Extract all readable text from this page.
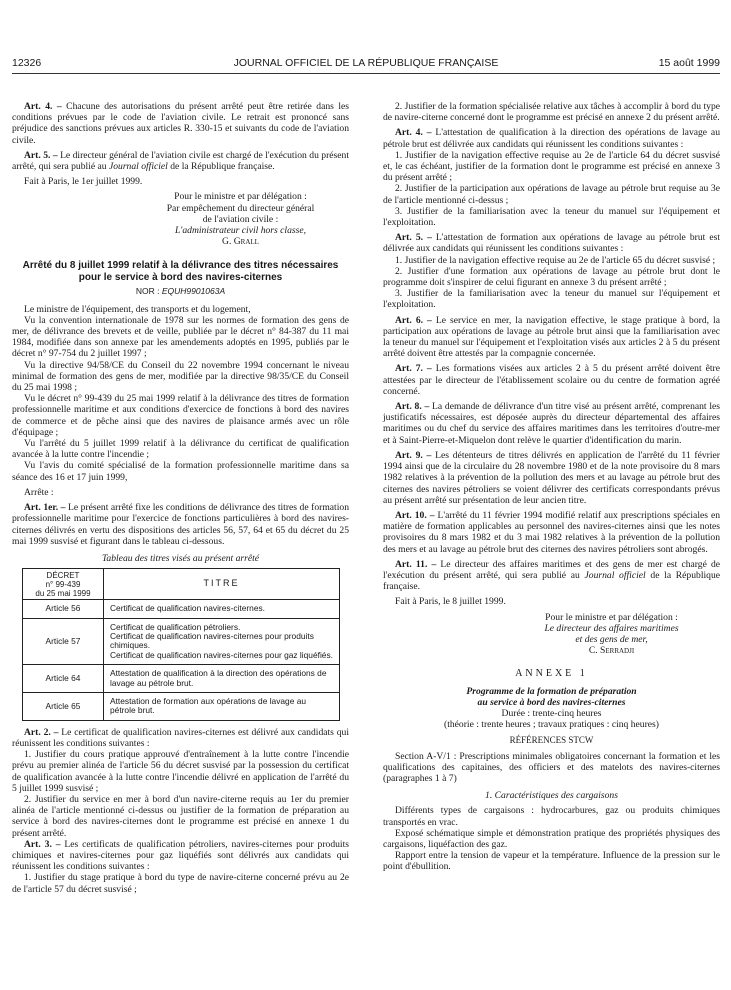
12326	JOURNAL OFFICIEL DE LA RÉPUBLIQUE FRANÇAISE	15 août 1999

Art. 4. – Chacune des autorisations du présent arrêté peut être retirée dans les conditions prévues par le code de l'aviation civile. Le retrait est prononcé sans préjudice des sanctions prévues aux articles R. 330-15 et suivants du code de l'aviation civile.

Art. 5. – Le directeur général de l'aviation civile est chargé de l'exécution du présent arrêté, qui sera publié au Journal officiel de la République française.

Fait à Paris, le 1er juillet 1999.

Pour le ministre et par délégation :
Par empêchement du directeur général
de l'aviation civile :
L'administrateur civil hors classe,
G. Grall
Arrêté du 8 juillet 1999 relatif à la délivrance des titres nécessaires pour le service à bord des navires-citernes
NOR : EQUH9901063A

Le ministre de l'équipement, des transports et du logement,

Vu la convention internationale de 1978 sur les normes de formation des gens de mer, de délivrance des brevets et de veille, publiée par le décret n° 84-387 du 11 mai 1984, modifiée dans son annexe par les amendements adoptés en 1995, publiés par le décret n° 97-754 du 2 juillet 1997 ;

Vu la directive 94/58/CE du Conseil du 22 novembre 1994 concernant le niveau minimal de formation des gens de mer, modifiée par la directive 98/35/CE du Conseil du 25 mai 1998 ;

Vu le décret n° 99-439 du 25 mai 1999 relatif à la délivrance des titres de formation professionnelle maritime et aux conditions d'exercice de fonctions à bord des navires de commerce et de pêche ainsi que des navires de plaisance armés avec un rôle d'équipage ;

Vu l'arrêté du 5 juillet 1999 relatif à la délivrance du certificat de qualification avancée à la lutte contre l'incendie ;

Vu l'avis du comité spécialisé de la formation professionnelle maritime dans sa séance des 16 et 17 juin 1999,

Arrête :

Art. 1er. – Le présent arrêté fixe les conditions de délivrance des titres de formation professionnelle maritime pour l'exercice de fonctions particulières à bord des navires-citernes délivrés en vertu des dispositions des articles 56, 57, 64 et 65 du décret du 25 mai 1999 susvisé et figurant dans le tableau ci-dessous.

Tableau des titres visés au présent arrêté
DÉCRET
n° 99-439
du 25 mai 1999	TITRE
Article 56	Certificat de qualification navires-citernes.

Article 57	Certificat de qualification pétroliers.
Certificat de qualification navires-citernes pour produits chimiques.
Certificat de qualification navires-citernes pour gaz liquéfiés.

Article 64	Attestation de qualification à la direction des opérations de lavage au pétrole brut.

Article 65	Attestation de formation aux opérations de lavage au pétrole brut.

Art. 2. – Le certificat de qualification navires-citernes est délivré aux candidats qui réunissent les conditions suivantes :

1. Justifier du cours pratique approuvé d'entraînement à la lutte contre l'incendie prévu au premier alinéa de l'article 56 du décret susvisé par la possession du certificat de qualification avancée à la lutte contre l'incendie délivré en application de l'arrêté du 5 juillet 1999 susvisé ;

2. Justifier du service en mer à bord d'un navire-citerne requis au 1er du premier alinéa de l'article mentionné ci-dessus ou justifier de la formation de préparation au service à bord des navires-citernes dont le programme est précisé en annexe 1 du présent arrêté.

Art. 3. – Les certificats de qualification pétroliers, navires-citernes pour produits chimiques et navires-citernes pour gaz liquéfiés sont délivrés aux candidats qui réunissent les conditions suivantes :

1. Justifier du stage pratique à bord du type de navire-citerne concerné prévu au 2e de l'article 57 du décret susvisé ;

2. Justifier de la formation spécialisée relative aux tâches à accomplir à bord du type de navire-citerne concerné dont le programme est précisé en annexe 2 du présent arrêté.

Art. 4. – L'attestation de qualification à la direction des opérations de lavage au pétrole brut est délivrée aux candidats qui réunissent les conditions suivantes :

1. Justifier de la navigation effective requise au 2e de l'article 64 du décret susvisé et, le cas échéant, justifier de la formation dont le programme est précisé en annexe 3 du présent arrêté ;

2. Justifier de la participation aux opérations de lavage au pétrole brut requise au 3e de l'article mentionné ci-dessus ;

3. Justifier de la familiarisation avec la teneur du manuel sur l'équipement et l'exploitation.

Art. 5. – L'attestation de formation aux opérations de lavage au pétrole brut est délivrée aux candidats qui réunissent les conditions suivantes :

1. Justifier de la navigation effective requise au 2e de l'article 65 du décret susvisé ;

2. Justifier d'une formation aux opérations de lavage au pétrole brut dont le programme doit s'inspirer de celui figurant en annexe 3 du présent arrêté ;

3. Justifier de la familiarisation avec la teneur du manuel sur l'équipement et l'exploitation.

Art. 6. – Le service en mer, la navigation effective, le stage pratique à bord, la participation aux opérations de lavage au pétrole brut ainsi que la familiarisation avec la teneur du manuel sur l'équipement et l'exploitation visés aux articles 2 à 5 du présent arrêté doivent être attestés par la compagnie concernée.

Art. 7. – Les formations visées aux articles 2 à 5 du présent arrêté doivent être attestées par le directeur de l'établissement scolaire ou du centre de formation agréé concerné.

Art. 8. – La demande de délivrance d'un titre visé au présent arrêté, comprenant les justificatifs nécessaires, est déposée auprès du directeur départemental des affaires maritimes ou du chef du service des affaires maritimes dans les territoires d'outre-mer et à Saint-Pierre-et-Miquelon dont relève le quartier d'identification du marin.

Art. 9. – Les détenteurs de titres délivrés en application de l'arrêté du 11 février 1994 ainsi que de la circulaire du 28 novembre 1980 et de la note provisoire du 8 mars 1982 relatives à la prévention de la pollution des mers et au lavage au pétrole brut des citernes des navires pétroliers se voient délivrer des certificats correspondants prévus au présent arrêté sur présentation de leur ancien titre.

Art. 10. – L'arrêté du 11 février 1994 modifié relatif aux prescriptions spéciales en matière de formation applicables au personnel des navires-citernes ainsi que les notes provisoires du 8 mars 1982 et du 3 mai 1982 relatives à la prévention de la pollution des mers et au lavage au pétrole brut des citernes des navires pétroliers sont abrogés.

Art. 11. – Le directeur des affaires maritimes et des gens de mer est chargé de l'exécution du présent arrêté, qui sera publié au Journal officiel de la République française.

Fait à Paris, le 8 juillet 1999.

Pour le ministre et par délégation :
Le directeur des affaires maritimes
et des gens de mer,
C. Serradji
ANNEXE 1
Programme de la formation de préparation
au service à bord des navires-citernes
Durée : trente-cinq heures
(théorie : trente heures ; travaux pratiques : cinq heures)
RÉFÉRENCES STCW

Section A-V/1 : Prescriptions minimales obligatoires concernant la formation et les qualifications des capitaines, des officiers et des matelots des navires-citernes (paragraphes 1 à 7)

1. Caractéristiques des cargaisons

Différents types de cargaisons : hydrocarbures, gaz ou produits chimiques transportés en vrac.

Exposé schématique simple et démonstration pratique des propriétés physiques des cargaisons, liquéfaction des gaz.

Rapport entre la tension de vapeur et la température. Influence de la pression sur le point d'ébullition.
